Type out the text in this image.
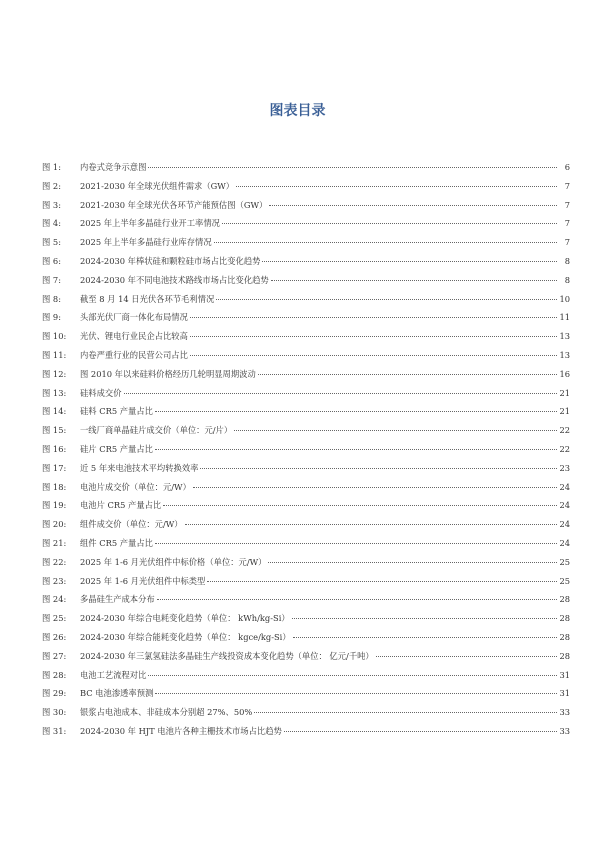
图表目录
图 1:	内卷式竞争示意图	6
图 2:	2021-2030 年全球光伏组件需求（GW）	7
图 3:	2021-2030 年全球光伏各环节产能预估图（GW）	7
图 4:	2025 年上半年多晶硅行业开工率情况	7
图 5:	2025 年上半年多晶硅行业库存情况	7
图 6:	2024-2030 年棒状硅和颗粒硅市场占比变化趋势	8
图 7:	2024-2030 年不同电池技术路线市场占比变化趋势	8
图 8:	截至 8 月 14 日光伏各环节毛利情况	10
图 9:	头部光伏厂商一体化布局情况	11
图 10:	光伏、锂电行业民企占比较高	13
图 11:	内卷严重行业的民营公司占比	13
图 12:	图 2010 年以来硅料价格经历几轮明显周期波动	16
图 13:	硅料成交价	21
图 14:	硅料 CR5 产量占比	21
图 15:	一线厂商单晶硅片成交价（单位：元/片）	22
图 16:	硅片 CR5 产量占比	22
图 17:	近 5 年来电池技术平均转换效率	23
图 18:	电池片成交价（单位：元/W）	24
图 19:	电池片 CR5 产量占比	24
图 20:	组件成交价（单位：元/W）	24
图 21:	组件 CR5 产量占比	24
图 22:	2025 年 1-6 月光伏组件中标价格（单位：元/W）	25
图 23:	2025 年 1-6 月光伏组件中标类型	25
图 24:	多晶硅生产成本分布	28
图 25:	2024-2030 年综合电耗变化趋势（单位： kWh/kg-Si）	28
图 26:	2024-2030 年综合能耗变化趋势（单位： kgce/kg-Si）	28
图 27:	2024-2030 年三氯氢硅法多晶硅生产线投资成本变化趋势（单位： 亿元/千吨）	28
图 28:	电池工艺流程对比	31
图 29:	BC 电池渗透率预测	31
图 30:	银浆占电池成本、非硅成本分别超 27%、50%	33
图 31:	2024-2030 年 HJT 电池片各种主栅技术市场占比趋势	33
